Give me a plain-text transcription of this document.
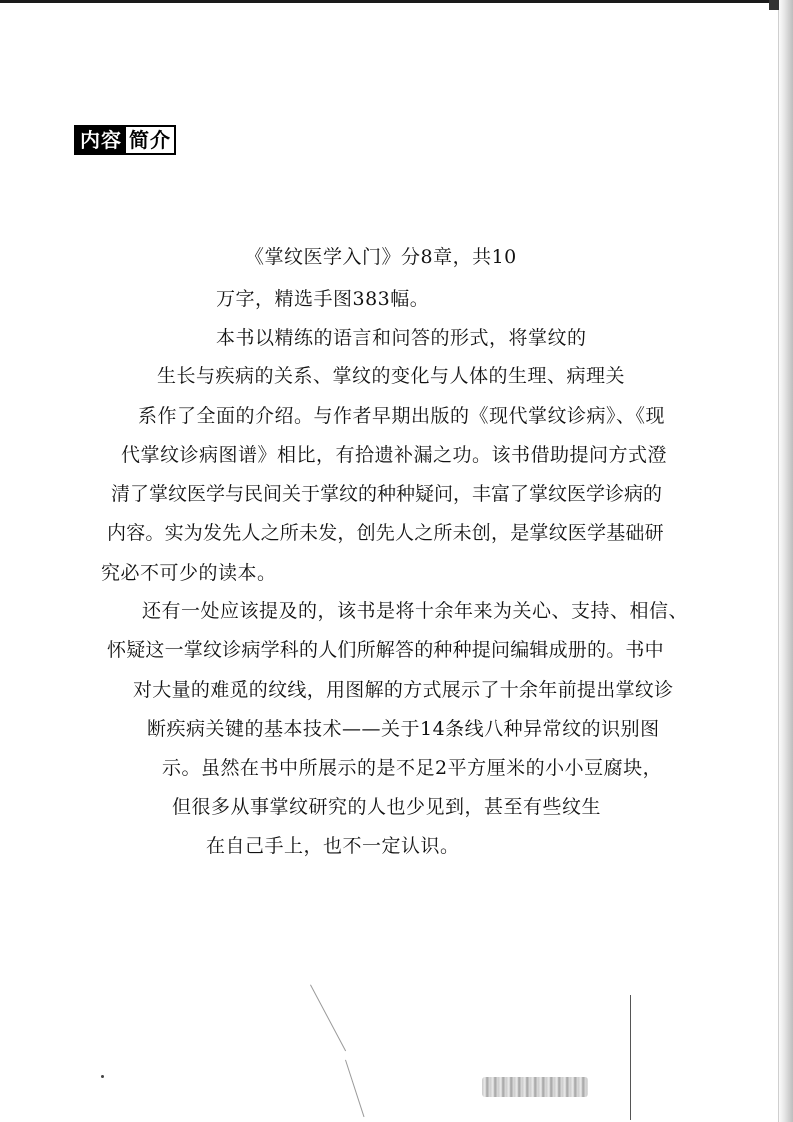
内容 简介
《掌纹医学入门》分8章，共10
万字，精选手图383幅。
本书以精练的语言和问答的形式，将掌纹的
生长与疾病的关系、掌纹的变化与人体的生理、病理关
系作了全面的介绍。与作者早期出版的《现代掌纹诊病》、《现
代掌纹诊病图谱》相比，有拾遗补漏之功。该书借助提问方式澄
清了掌纹医学与民间关于掌纹的种种疑问，丰富了掌纹医学诊病的
内容。实为发先人之所未发，创先人之所未创，是掌纹医学基础研
究必不可少的读本。
还有一处应该提及的，该书是将十余年来为关心、支持、相信、
怀疑这一掌纹诊病学科的人们所解答的种种提问编辑成册的。书中
对大量的难觅的纹线，用图解的方式展示了十余年前提出掌纹诊
断疾病关键的基本技术——关于14条线八种异常纹的识别图
示。虽然在书中所展示的是不足2平方厘米的小小豆腐块，
但很多从事掌纹研究的人也少见到，甚至有些纹生
在自己手上，也不一定认识。
